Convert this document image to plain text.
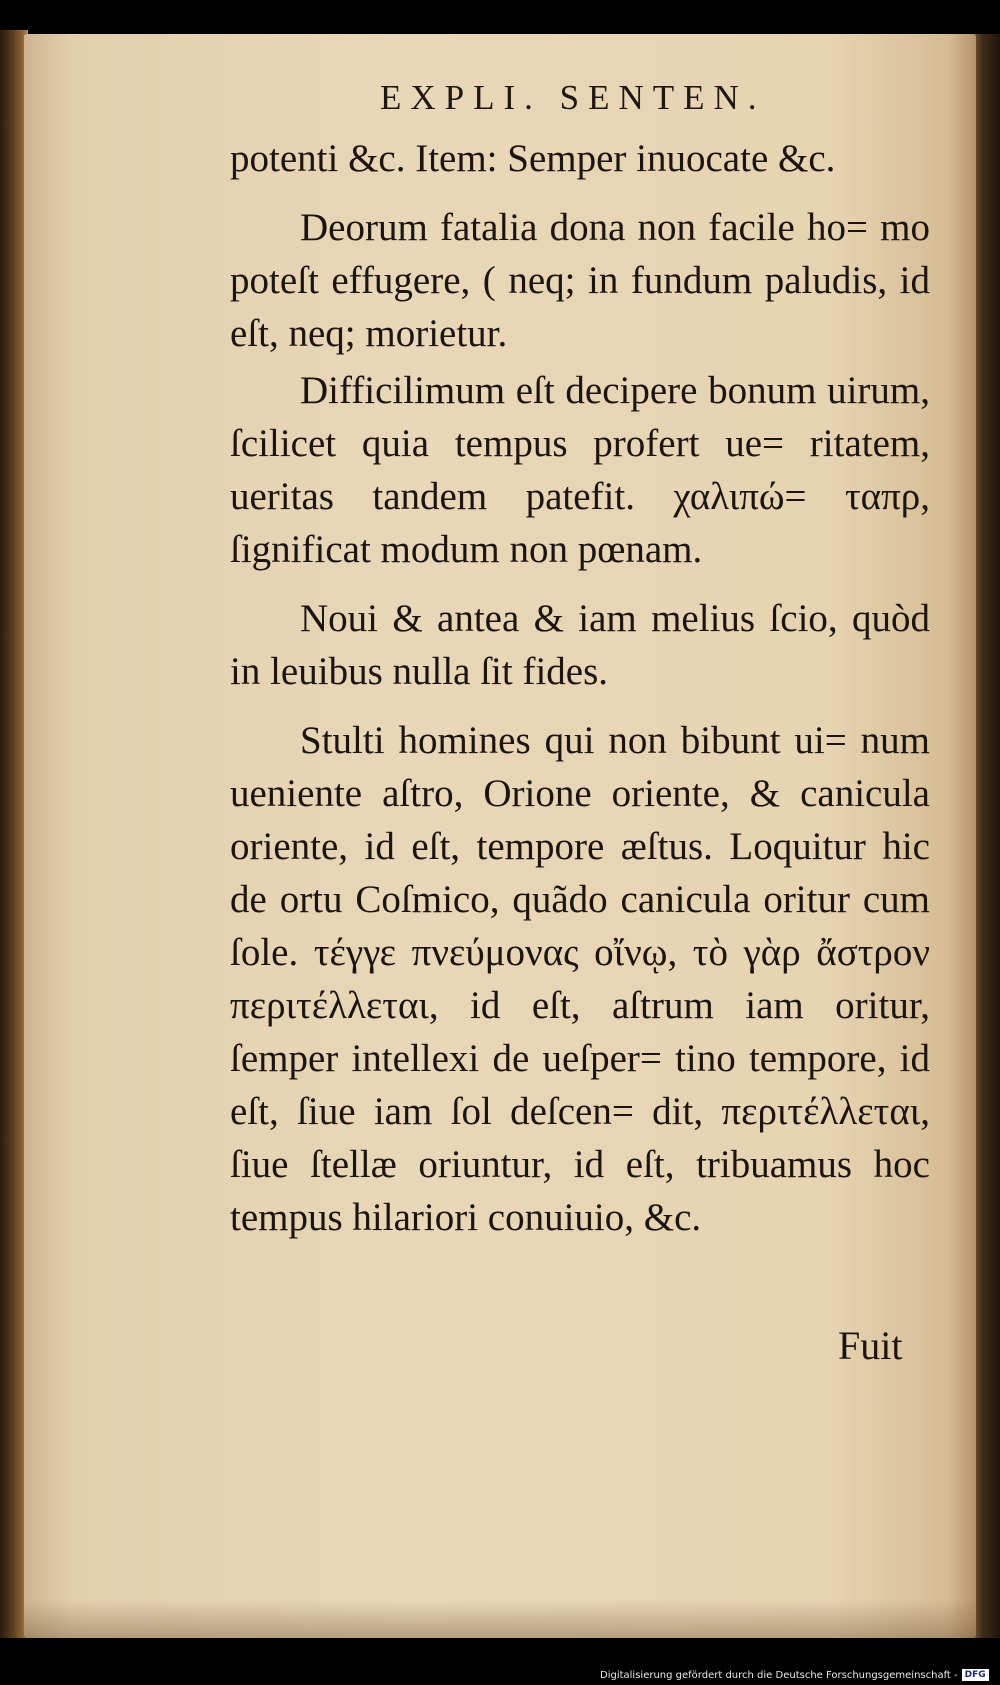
EXPLI. SENTEN.

potenti &c. Item: Semper inuocate &c.

Deorum fatalia dona non facile ho= mo poteſt effugere, ( neq; in fundum paludis, id eſt, neq; morietur.

Difficilimum eſt decipere bonum uirum, ſcilicet quia tempus profert ue= ritatem, ueritas tandem patefit. χαλιπώ= ταπρ, ſignificat modum non pœnam.

Noui & antea & iam melius ſcio, quòd in leuibus nulla ſit fides.

Stulti homines qui non bibunt ui= num ueniente aſtro, Orione oriente, & canicula oriente, id eſt, tempore æſtus. Loquitur hic de ortu Coſmico, quãdo canicula oritur cum ſole. τέγγε πνεύμονας οἴνῳ, τὸ γὰρ ἄστρον περιτέλλεται, id eſt, aſtrum iam oritur, ſemper intellexi de ueſper= tino tempore, id eſt, ſiue iam ſol deſcen= dit, περιτέλλεται, ſiue ſtellæ oriuntur, id eſt, tribuamus hoc tempus hilariori conuiuio, &c.

Fuit
Digitalisierung gefördert durch die Deutsche Forschungsgemeinschaft - DFG
